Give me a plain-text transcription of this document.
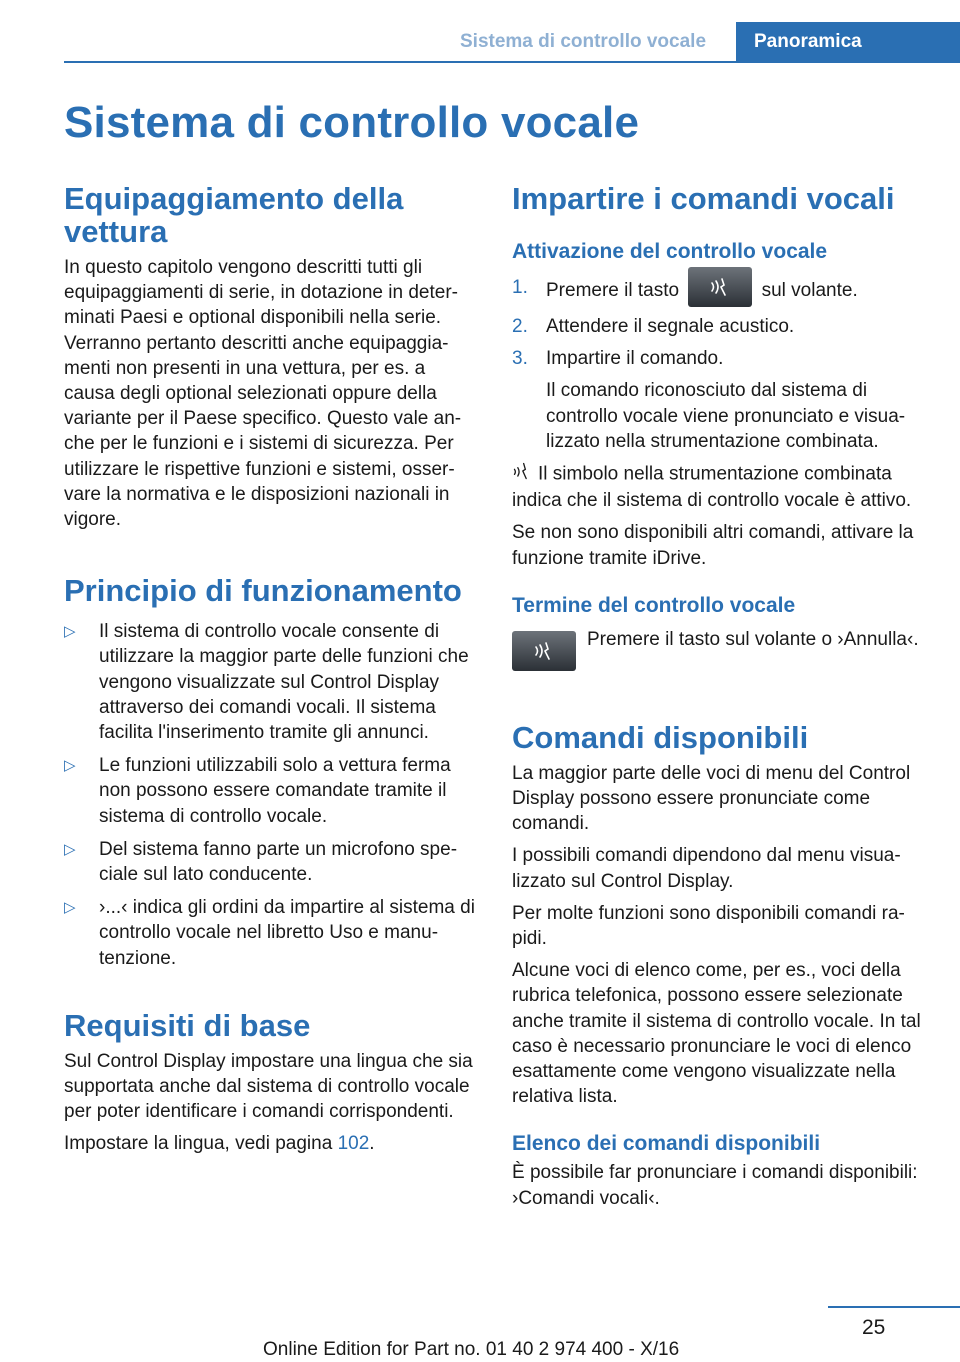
Sistema di controllo vocale	Panoramica
Sistema di controllo vocale
Equipaggiamento della vettura

In questo capitolo vengono descritti tutti gli equipaggiamenti di serie, in dotazione in determinati Paesi e optional disponibili nella serie. Verranno pertanto descritti anche equipaggiamenti non presenti in una vettura, per es. a causa degli optional selezionati oppure della variante per il Paese specifico. Questo vale anche per le funzioni e i sistemi di sicurezza. Per utilizzare le rispettive funzioni e sistemi, osservare la normativa e le disposizioni nazionali in vigore.

Principio di funzionamento
▷ Il sistema di controllo vocale consente di utilizzare la maggior parte delle funzioni che vengono visualizzate sul Control Display attraverso dei comandi vocali. Il sistema facilita l'inserimento tramite gli annunci.
▷ Le funzioni utilizzabili solo a vettura ferma non possono essere comandate tramite il sistema di controllo vocale.
▷ Del sistema fanno parte un microfono speciale sul lato conducente.
▷ ›...‹ indica gli ordini da impartire al sistema di controllo vocale nel libretto Uso e manutenzione.
Requisiti di base

Sul Control Display impostare una lingua che sia supportata anche dal sistema di controllo vocale per poter identificare i comandi corrispondenti.

Impostare la lingua, vedi pagina 102.

Impartire i comandi vocali
Attivazione del controllo vocale
1. Premere il tasto	sul volante.
2. Attendere il segnale acustico.
3. Impartire il comando.
Il comando riconosciuto dal sistema di controllo vocale viene pronunciato e visualizzato nella strumentazione combinata.

Il simbolo nella strumentazione combinata indica che il sistema di controllo vocale è attivo.

Se non sono disponibili altri comandi, attivare la funzione tramite iDrive.

Termine del controllo vocale

Premere il tasto sul volante o ›Annulla‹.

Comandi disponibili

La maggior parte delle voci di menu del Control Display possono essere pronunciate come comandi.

I possibili comandi dipendono dal menu visualizzato sul Control Display.

Per molte funzioni sono disponibili comandi rapidi.

Alcune voci di elenco come, per es., voci della rubrica telefonica, possono essere selezionate anche tramite il sistema di controllo vocale. In tal caso è necessario pronunciare le voci di elenco esattamente come vengono visualizzate nella relativa lista.

Elenco dei comandi disponibili

È possibile far pronunciare i comandi disponibili: ›Comandi vocali‹.

25
Online Edition for Part no. 01 40 2 974 400 - X/16
